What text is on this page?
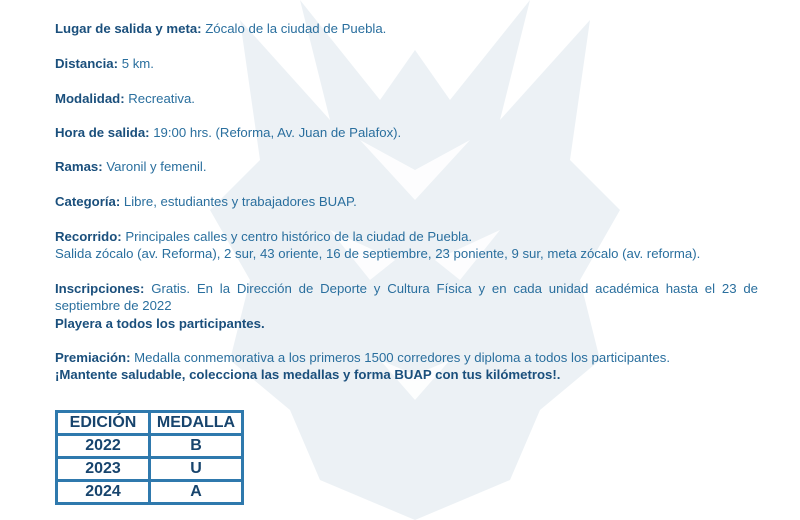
Lugar de salida y meta: Zócalo de la ciudad de Puebla.
Distancia: 5 km.
Modalidad: Recreativa.
Hora de salida: 19:00 hrs. (Reforma, Av. Juan de Palafox).
Ramas: Varonil y femenil.
Categoría: Libre, estudiantes y trabajadores BUAP.
Recorrido: Principales calles y centro histórico de la ciudad de Puebla.
Salida zócalo (av. Reforma), 2 sur, 43 oriente, 16 de septiembre, 23 poniente, 9 sur, meta zócalo (av. reforma).
Inscripciones: Gratis. En la Dirección de Deporte y Cultura Física y en cada unidad académica hasta el 23 de septiembre de 2022
Playera a todos los participantes.
Premiación: Medalla conmemorativa a los primeros 1500 corredores y diploma a todos los participantes.
¡Mantente saludable, colecciona las medallas y forma BUAP con tus kilómetros!.
EDICIÓN	MEDALLA
2022	B
2023	U
2024	A
